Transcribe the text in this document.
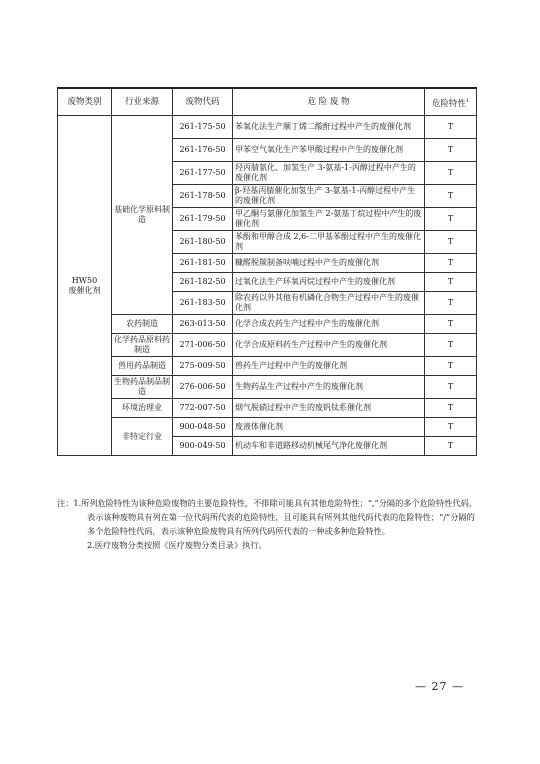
废物类别	行业来源	废物代码	危 险 废 物	危险特性$^1$
HW50
废催化剂	基础化学原料制造	261-175-50	苯氧化法生产顺丁烯二酸酐过程中产生的废催化剂	T
		261-176-50	甲苯空气氧化生产苯甲酸过程中产生的废催化剂	T
		261-177-50	羟丙腈氨化、加氢生产 3-氨基-1-丙醇过程中产生的废催化剂	T
		261-178-50	β-羟基丙腈催化加氢生产 3-氨基-1-丙醇过程中产生的废催化剂	T
		261-179-50	甲乙酮与氨催化加氢生产 2-氨基丁烷过程中产生的废催化剂	T
		261-180-50	苯酚和甲醇合成 2,6-二甲基苯酚过程中产生的废催化剂	T
		261-181-50	糠醛脱羰制备呋喃过程中产生的废催化剂	T
		261-182-50	过氧化法生产环氧丙烷过程中产生的废催化剂	T
		261-183-50	除农药以外其他有机磷化合物生产过程中产生的废催化剂	T
	农药制造	263-013-50	化学合成农药生产过程中产生的废催化剂	T
	化学药品原料药制造	271-006-50	化学合成原料药生产过程中产生的废催化剂	T
	兽用药品制造	275-009-50	兽药生产过程中产生的废催化剂	T
	生物药品制品制造	276-006-50	生物药品生产过程中产生的废催化剂	T
	环境治理业	772-007-50	烟气脱硝过程中产生的废钒钛系催化剂	T
	非特定行业	900-048-50	废液体催化剂	T
		900-049-50	机动车和非道路移动机械尾气净化废催化剂	T

注：1.所列危险特性为该种危险废物的主要危险特性，不排除可能具有其他危险特性；“,”分隔的多个危险特性代码，表示该种废物具有列在第一位代码所代表的危险特性，且可能具有所列其他代码代表的危险特性；“/”分隔的多个危险特性代码，表示该种危险废物具有所列代码所代表的一种或多种危险特性。

2.医疗废物分类按照《医疗废物分类目录》执行。

— 27 —
